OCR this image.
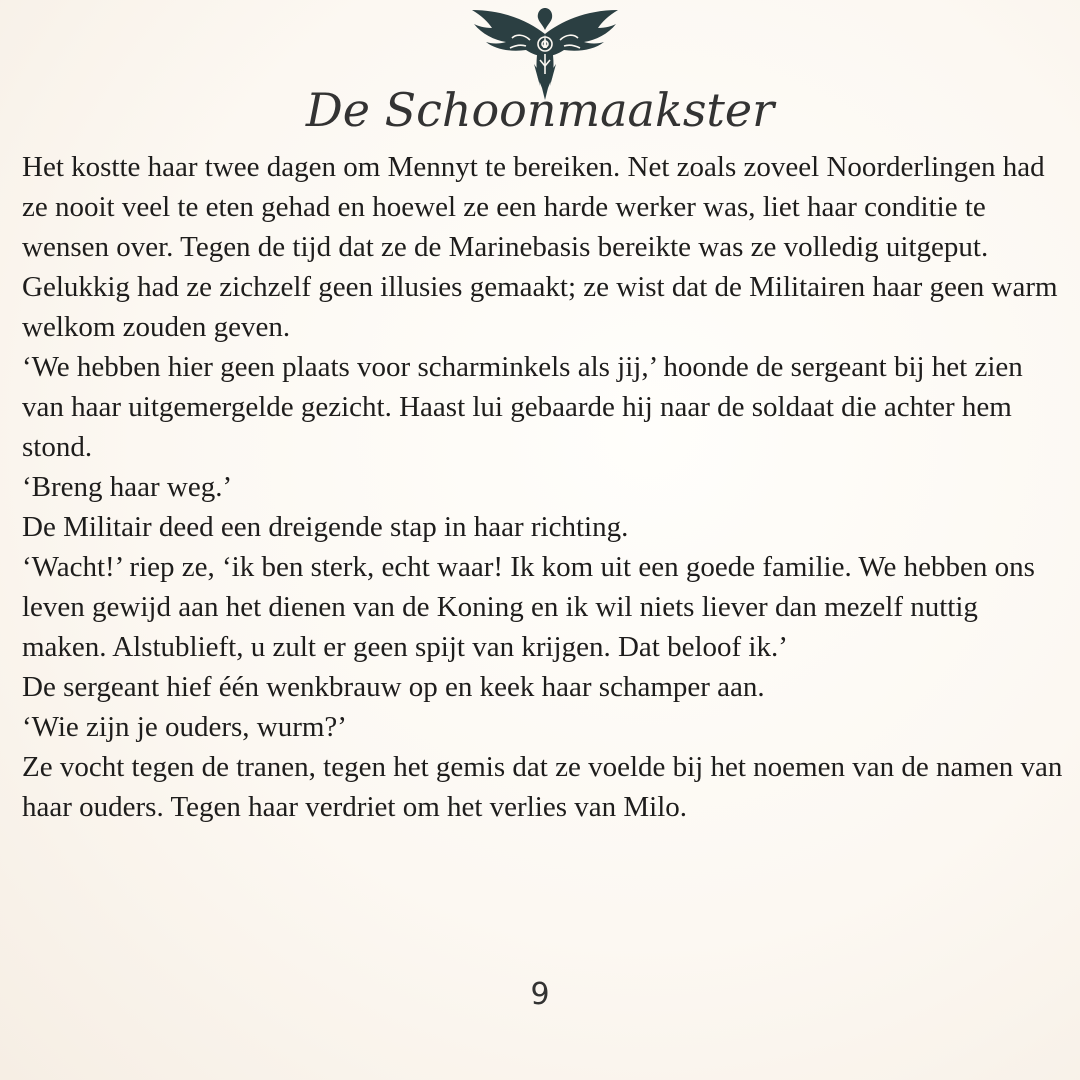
De Schoonmaakster

Het kostte haar twee dagen om Mennyt te bereiken. Net zoals zoveel Noorderlingen had ze nooit veel te eten gehad en hoewel ze een harde werker was, liet haar conditie te wensen over. Tegen de tijd dat ze de Marinebasis bereikte was ze volledig uitgeput.

Gelukkig had ze zichzelf geen illusies gemaakt; ze wist dat de Militairen haar geen warm welkom zouden geven.

‘We hebben hier geen plaats voor scharminkels als jij,’ hoonde de sergeant bij het zien van haar uitgemergelde gezicht. Haast lui gebaarde hij naar de soldaat die achter hem stond.

‘Breng haar weg.’

De Militair deed een dreigende stap in haar richting.

‘Wacht!’ riep ze, ‘ik ben sterk, echt waar! Ik kom uit een goede familie. We hebben ons leven gewijd aan het dienen van de Koning en ik wil niets liever dan mezelf nuttig maken. Alstublieft, u zult er geen spijt van krijgen. Dat beloof ik.’

De sergeant hief één wenkbrauw op en keek haar schamper aan.

‘Wie zijn je ouders, wurm?’

Ze vocht tegen de tranen, tegen het gemis dat ze voelde bij het noemen van de namen van haar ouders. Tegen haar verdriet om het verlies van Milo.

9
